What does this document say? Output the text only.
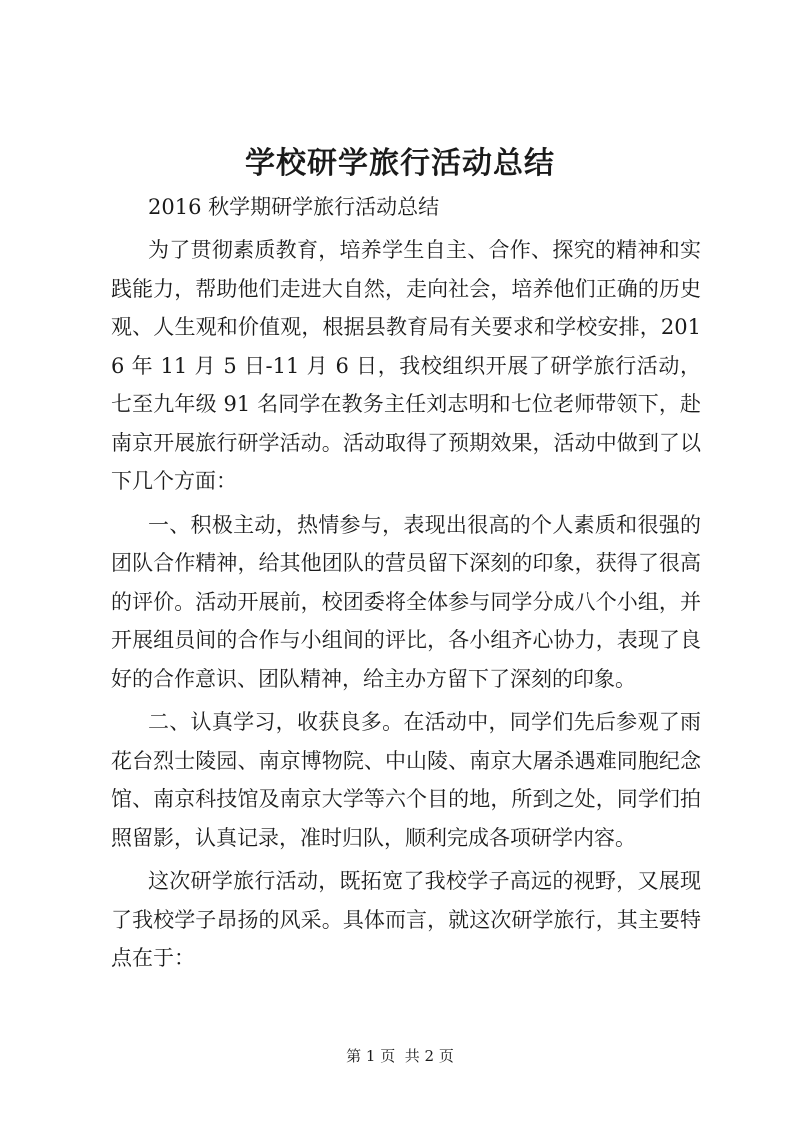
学校研学旅行活动总结

2016 秋学期研学旅行活动总结

为了贯彻素质教育，培养学生自主、合作、探究的精神和实践能力，帮助他们走进大自然，走向社会，培养他们正确的历史观、人生观和价值观，根据县教育局有关要求和学校安排，2016 年 11 月 5 日-11 月 6 日，我校组织开展了研学旅行活动，七至九年级 91 名同学在教务主任刘志明和七位老师带领下，赴南京开展旅行研学活动。活动取得了预期效果，活动中做到了以下几个方面：

一、积极主动，热情参与，表现出很高的个人素质和很强的团队合作精神，给其他团队的营员留下深刻的印象，获得了很高的评价。活动开展前，校团委将全体参与同学分成八个小组，并开展组员间的合作与小组间的评比，各小组齐心协力，表现了良好的合作意识、团队精神，给主办方留下了深刻的印象。

二、认真学习，收获良多。在活动中，同学们先后参观了雨花台烈士陵园、南京博物院、中山陵、南京大屠杀遇难同胞纪念馆、南京科技馆及南京大学等六个目的地，所到之处，同学们拍照留影，认真记录，准时归队，顺利完成各项研学内容。

这次研学旅行活动，既拓宽了我校学子高远的视野，又展现了我校学子昂扬的风采。具体而言，就这次研学旅行，其主要特点在于：

第 1 页 共 2 页
